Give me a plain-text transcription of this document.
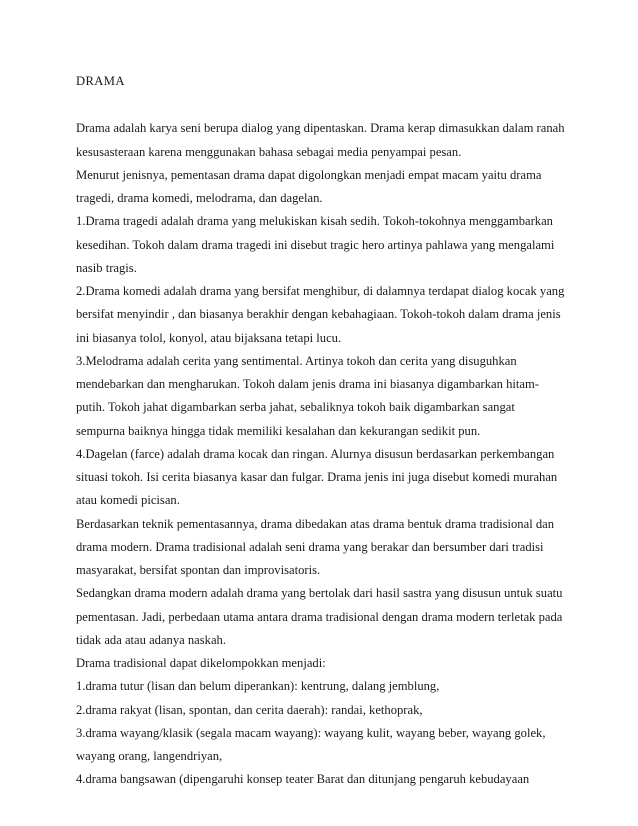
DRAMA
Drama adalah karya seni berupa dialog yang dipentaskan. Drama kerap dimasukkan dalam ranah
kesusasteraan karena menggunakan bahasa sebagai media penyampai pesan.
Menurut jenisnya, pementasan drama dapat digolongkan menjadi empat macam yaitu drama
tragedi, drama komedi, melodrama, dan dagelan.
1.Drama tragedi adalah drama yang melukiskan kisah sedih. Tokoh-tokohnya menggambarkan
kesedihan. Tokoh dalam drama tragedi ini disebut tragic hero artinya pahlawa yang mengalami
nasib tragis.
2.Drama komedi adalah drama yang bersifat menghibur, di dalamnya terdapat dialog kocak yang
bersifat menyindir , dan biasanya berakhir dengan kebahagiaan. Tokoh-tokoh dalam drama jenis
ini biasanya tolol, konyol, atau bijaksana tetapi lucu.
3.Melodrama adalah cerita yang sentimental. Artinya tokoh dan cerita yang disuguhkan
mendebarkan dan mengharukan. Tokoh dalam jenis drama ini biasanya digambarkan hitam-
putih. Tokoh jahat digambarkan serba jahat, sebaliknya tokoh baik digambarkan sangat
sempurna baiknya hingga tidak memiliki kesalahan dan kekurangan sedikit pun.
4.Dagelan (farce) adalah drama kocak dan ringan. Alurnya disusun berdasarkan perkembangan
situasi tokoh. Isi cerita biasanya kasar dan fulgar. Drama jenis ini juga disebut komedi murahan
atau komedi picisan.
Berdasarkan teknik pementasannya, drama dibedakan atas drama bentuk drama tradisional dan
drama modern. Drama tradisional adalah seni drama yang berakar dan bersumber dari tradisi
masyarakat, bersifat spontan dan improvisatoris.
Sedangkan drama modern adalah drama yang bertolak dari hasil sastra yang disusun untuk suatu
pementasan. Jadi, perbedaan utama antara drama tradisional dengan drama modern terletak pada
tidak ada atau adanya naskah.
Drama tradisional dapat dikelompokkan menjadi:
1.drama tutur (lisan dan belum diperankan): kentrung, dalang jemblung,
2.drama rakyat (lisan, spontan, dan cerita daerah): randai, kethoprak,
3.drama wayang/klasik (segala macam wayang): wayang kulit, wayang beber, wayang golek,
wayang orang, langendriyan,
4.drama bangsawan (dipengaruhi konsep teater Barat dan ditunjang pengaruh kebudayaan
